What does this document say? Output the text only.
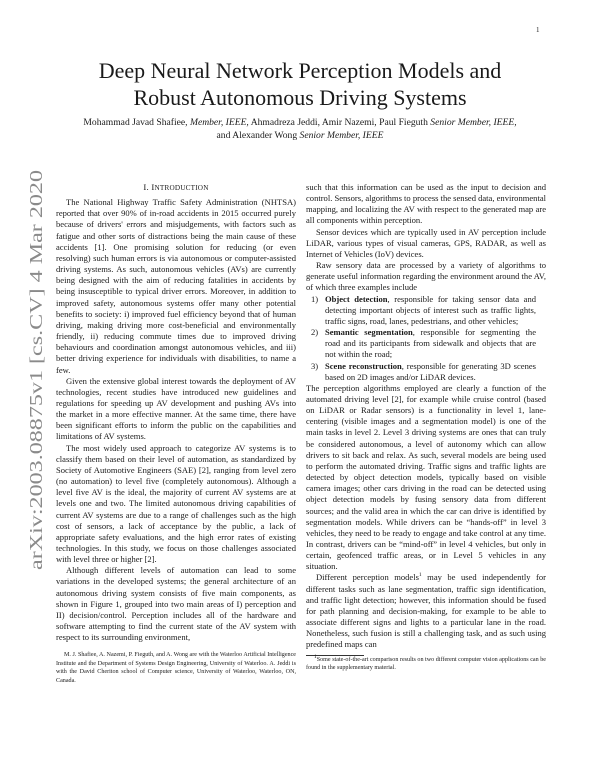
1
arXiv:2003.08875v1 [cs.CV] 4 Mar 2020
Deep Neural Network Perception Models and
Robust Autonomous Driving Systems
Mohammad Javad Shafiee, Member, IEEE, Ahmadreza Jeddi, Amir Nazemi, Paul Fieguth Senior Member, IEEE,
and Alexander Wong Senior Member, IEEE

I. INTRODUCTION

The National Highway Traffic Safety Administration (NHTSA) reported that over 90% of in-road accidents in 2015 occurred purely because of drivers' errors and misjudgements, with factors such as fatigue and other sorts of distractions being the main cause of these accidents [1]. One promising solution for reducing (or even resolving) such human errors is via autonomous or computer-assisted driving systems. As such, autonomous vehicles (AVs) are currently being designed with the aim of reducing fatalities in accidents by being insusceptible to typical driver errors. Moreover, in addition to improved safety, autonomous systems offer many other potential benefits to society: i) improved fuel efficiency beyond that of human driving, making driving more cost-beneficial and environmentally friendly, ii) reducing commute times due to improved driving behaviours and coordination amongst autonomous vehicles, and iii) better driving experience for individuals with disabilities, to name a few.

Given the extensive global interest towards the deployment of AV technologies, recent studies have introduced new guidelines and regulations for speeding up AV development and pushing AVs into the market in a more effective manner. At the same time, there have been significant efforts to inform the public on the capabilities and limitations of AV systems.

The most widely used approach to categorize AV systems is to classify them based on their level of automation, as standardized by Society of Automotive Engineers (SAE) [2], ranging from level zero (no automation) to level five (completely autonomous). Although a level five AV is the ideal, the majority of current AV systems are at levels one and two. The limited autonomous driving capabilities of current AV systems are due to a range of challenges such as the high cost of sensors, a lack of acceptance by the public, a lack of appropriate safety evaluations, and the high error rates of existing technologies. In this study, we focus on those challenges associated with level three or higher [2].

Although different levels of automation can lead to some variations in the developed systems; the general architecture of an autonomous driving system consists of five main components, as shown in Figure 1, grouped into two main areas of I) perception and II) decision/control. Perception includes all of the hardware and software attempting to find the current state of the AV system with respect to its surrounding environment,

M. J. Shafiee, A. Nazemi, P. Fieguth, and A. Wong are with the Waterloo Artificial Intelligence Institute and the Department of Systems Design Engineering, University of Waterloo. A. Jeddi is with the David Cheriton school of Computer science, University of Waterloo, Waterloo, ON, Canada.

such that this information can be used as the input to decision and control. Sensors, algorithms to process the sensed data, environmental mapping, and localizing the AV with respect to the generated map are all components within perception.

Sensor devices which are typically used in AV perception include LiDAR, various types of visual cameras, GPS, RADAR, as well as Internet of Vehicles (IoV) devices.

Raw sensory data are processed by a variety of algorithms to generate useful information regarding the environment around the AV, of which three examples include

1) Object detection, responsible for taking sensor data and detecting important objects of interest such as traffic lights, traffic signs, road, lanes, pedestrians, and other vehicles;
2) Semantic segmentation, responsible for segmenting the road and its participants from sidewalk and objects that are not within the road;
3) Scene reconstruction, responsible for generating 3D scenes based on 2D images and/or LiDAR devices.

The perception algorithms employed are clearly a function of the automated driving level [2], for example while cruise control (based on LiDAR or Radar sensors) is a functionality in level 1, lane-centering (visible images and a segmentation model) is one of the main tasks in level 2. Level 3 driving systems are ones that can truly be considered autonomous, a level of autonomy which can allow drivers to sit back and relax. As such, several models are being used to perform the automated driving. Traffic signs and traffic lights are detected by object detection models, typically based on visible camera images; other cars driving in the road can be detected using object detection models by fusing sensory data from different sources; and the valid area in which the car can drive is identified by segmentation models. While drivers can be “hands-off” in level 3 vehicles, they need to be ready to engage and take control at any time. In contrast, drivers can be “mind-off” in level 4 vehicles, but only in certain, geofenced traffic areas, or in Level 5 vehicles in any situation.

Different perception models$^1$ may be used independently for different tasks such as lane segmentation, traffic sign identification, and traffic light detection; however, this information should be fused for path planning and decision-making, for example to be able to associate different signs and lights to a particular lane in the road. Nonetheless, such fusion is still a challenging task, and as such using predefined maps can

$^1$Some state-of-the-art comparison results on two different computer vision applications can be found in the supplementary material.
